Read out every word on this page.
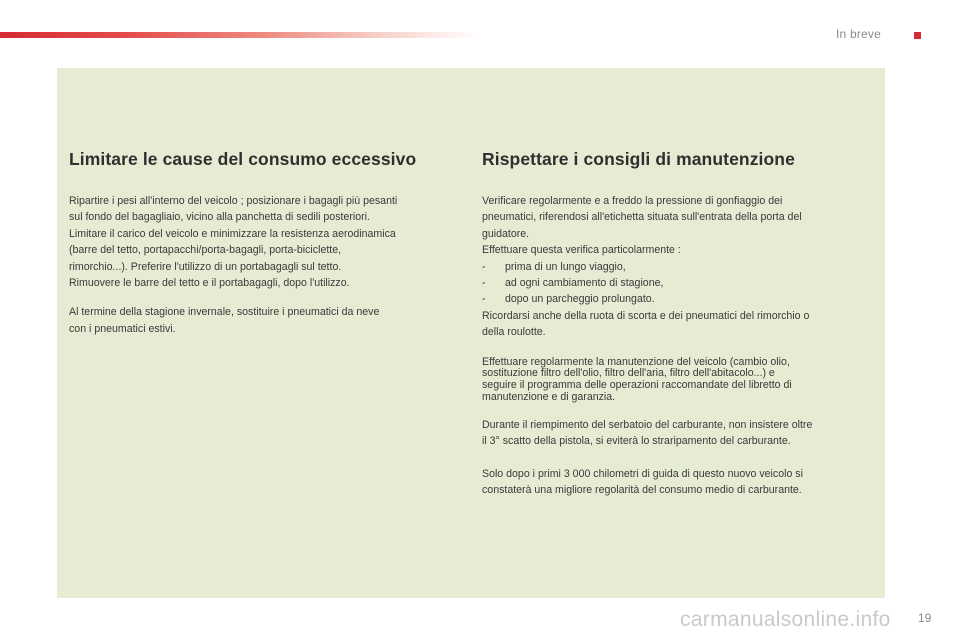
In breve
Limitare le cause del consumo eccessivo

Ripartire i pesi all'interno del veicolo ; posizionare i bagagli più pesanti
sul fondo del bagagliaio, vicino alla panchetta di sedili posteriori.
Limitare il carico del veicolo e minimizzare la resistenza aerodinamica
(barre del tetto, portapacchi/porta-bagagli, porta-biciclette,
rimorchio...). Preferire l'utilizzo di un portabagagli sul tetto.
Rimuovere le barre del tetto e il portabagagli, dopo l'utilizzo.

Al termine della stagione invernale, sostituire i pneumatici da neve
con i pneumatici estivi.

Rispettare i consigli di manutenzione

Verificare regolarmente e a freddo la pressione di gonfiaggio dei
pneumatici, riferendosi all'etichetta situata sull'entrata della porta del
guidatore.
Effettuare questa verifica particolarmente :

-	prima di un lungo viaggio,
-	ad ogni cambiamento di stagione,
-	dopo un parcheggio prolungato.

Ricordarsi anche della ruota di scorta e dei pneumatici del rimorchio o
della roulotte.

Effettuare regolarmente la manutenzione del veicolo (cambio olio,
sostituzione filtro dell'olio, filtro dell'aria, filtro dell'abitacolo...) e
seguire il programma delle operazioni raccomandate del libretto di
manutenzione e di garanzia.

Durante il riempimento del serbatoio del carburante, non insistere oltre
il 3° scatto della pistola, si eviterà lo straripamento del carburante.

Solo dopo i primi 3 000 chilometri di guida di questo nuovo veicolo si
constaterà una migliore regolarità del consumo medio di carburante.

carmanualsonline.info 19
